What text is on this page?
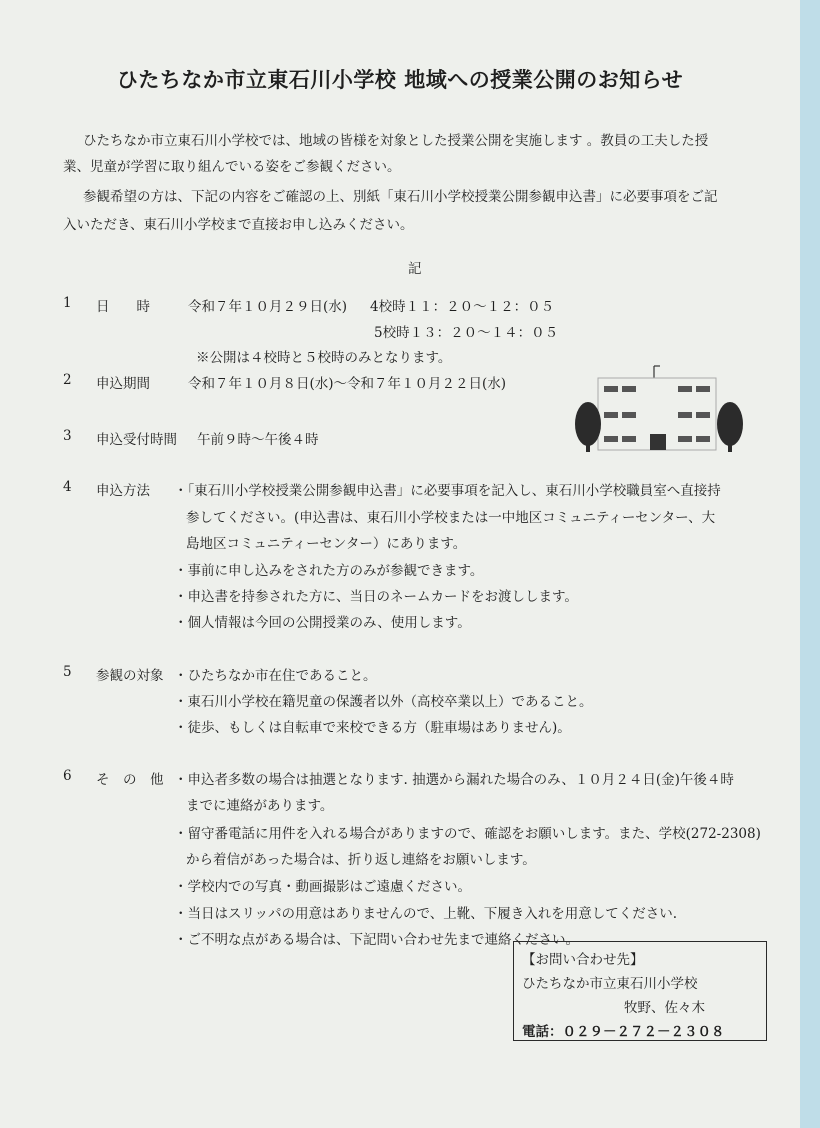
ひたちなか市立東石川小学校 地域への授業公開のお知らせ
ひたちなか市立東石川小学校では、地域の皆様を対象とした授業公開を実施します 。教員の工夫した授
業、児童が学習に取り組んでいる姿をご参観ください。
参観希望の方は、下記の内容をご確認の上、別紙「東石川小学校授業公開参観申込書」に必要事項をご記
入いただき、東石川小学校まで直接お申し込みください。
記
1 日　　時	令和７年１０月２９日(水) 4校時１１：２０～１２：０５
5校時１３：２０～１４：０５
※公開は４校時と５校時のみとなります。
2 申込期間	令和７年１０月８日(水)～令和７年１０月２２日(水)
3 申込受付時間 午前９時～午後４時
4 申込方法 ・「東石川小学校授業公開参観申込書」に必要事項を記入し、東石川小学校職員室へ直接持
参してください。(申込書は、東石川小学校または一中地区コミュニティーセンター、大
島地区コミュニティーセンター）にあります。
・事前に申し込みをされた方のみが参観できます。
・申込書を持参された方に、当日のネームカードをお渡しします。
・個人情報は今回の公開授業のみ、使用します。
5 参観の対象 ・ひたちなか市在住であること。
・東石川小学校在籍児童の保護者以外（高校卒業以上）であること。
・徒歩、もしくは自転車で来校できる方（駐車場はありません)。
6 そ　の　他 ・申込者多数の場合は抽選となります. 抽選から漏れた場合のみ、１０月２４日(金)午後４時
までに連絡があります。
・留守番電話に用件を入れる場合がありますので、確認をお願いします。また、学校(272-2308)
から着信があった場合は、折り返し連絡をお願いします。
・学校内での写真・動画撮影はご遠慮ください。
・当日はスリッパの用意はありませんので、上靴、下履き入れを用意してください.
・ご不明な点がある場合は、下記問い合わせ先まで連絡ください。
【お問い合わせ先】
ひたちなか市立東石川小学校
牧野、佐々木
電話：０２９－２７２－２３０８
